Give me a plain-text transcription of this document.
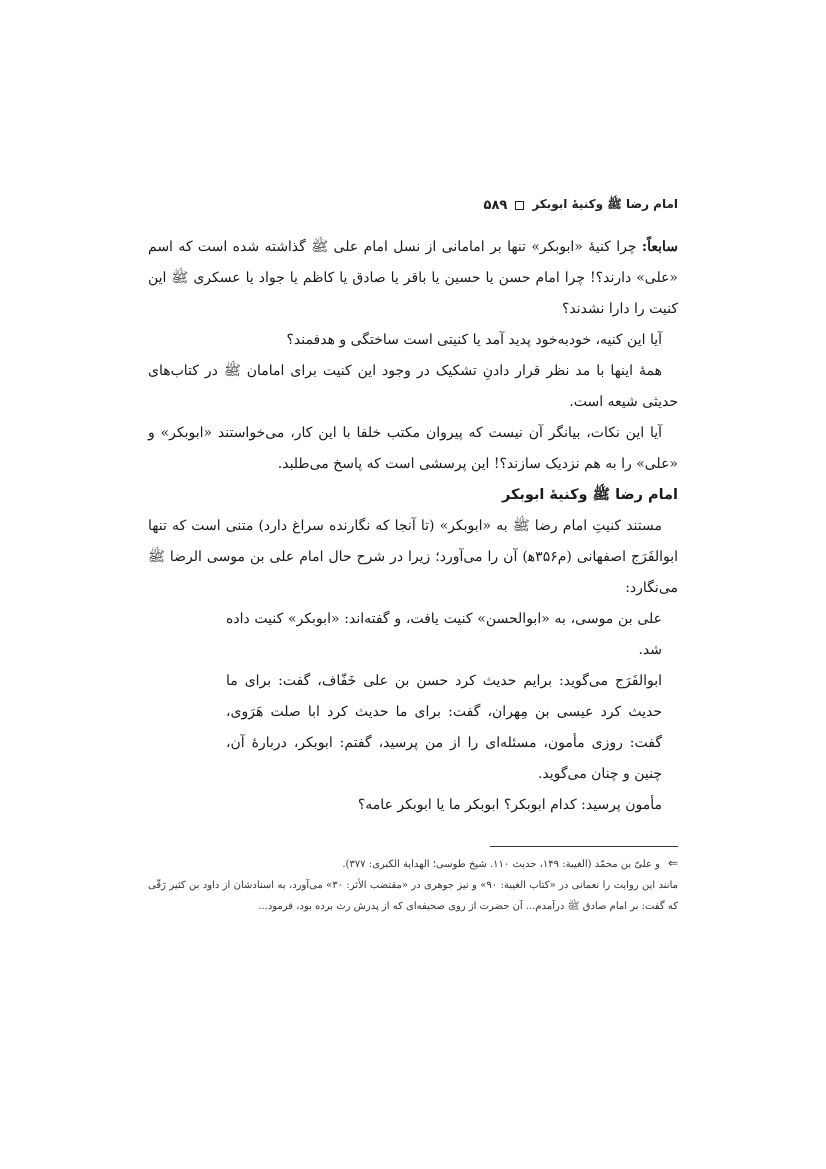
امام رضا ﷺ وکنیهٔ ابوبکر
۵۸۹

سابعاً: چرا کنیهٔ «ابوبکر» تنها بر امامانی از نسل امام علی ﷺ گذاشته شده است که اسم «علی» دارند؟! چرا امام حسن یا حسین یا باقر یا صادق یا کاظم یا جواد یا عسکری ﷺ این کنیت را دارا نشدند؟

آیا این کنیه، خودبه‌خود پدید آمد یا کنیتی است ساختگی و هدفمند؟

همهٔ اینها با مد نظر قرار دادنِ تشکیک در وجود این کنیت برای امامان ﷺ در کتاب‌های حدیثی شیعه است.

آیا این نکات، بیانگر آن نیست که پیروان مکتب خلفا با این کار، می‌خواستند «ابوبکر» و «علی» را به هم نزدیک سازند؟! این پرسشی است که پاسخ می‌طلبد.

امام رضا ﷺ وکنیهٔ ابوبکر

مستند کنیتِ امام رضا ﷺ به «ابوبکر» (تا آنجا که نگارنده سراغ دارد) متنی است که تنها ابوالفَرَج اصفهانی (م۳۵۶ﻫ) آن را می‌آورد؛ زیرا در شرح حال امام علی بن موسی الرضا ﷺ می‌نگارد:

علی بن موسی، به «ابوالحسن» کنیت یافت، و گفته‌اند: «ابوبکر» کنیت داده شد.

ابوالفَرَج می‌گوید: برایم حدیث کرد حسن بن علی خَفّاف، گفت: برای ما حدیث کرد عیسی بن مِهران، گفت: برای ما حدیث کرد ابا صلت هَرَوی، گفت: روزی مأمون، مسئله‌ای را از من پرسید، گفتم: ابوبکر، دربارهٔ آن، چنین و چنان می‌گوید.

مأمون پرسید: کدام ابوبکر؟ ابوبکر ما یا ابوبکر عامه؟

⇐و علیّ بن محمّد (الغیبة: ۱۴۹، حدیث ۱۱۰. شیخ طوسی؛ الهدایة الکبری: ۳۷۷).

مانند این روایت را نعمانی در «کتاب الغیبة: ۹۰» و نیز جوهری در «مقتضب الأثر: ۳۰» می‌آورد، به اسنادشان از داود بن کثیر رَقّی که گفت: بر امام صادق ﷺ درآمدم... آن حضرت از روی صحیفه‌ای که از پدرش رث برده بود، فرمود...
